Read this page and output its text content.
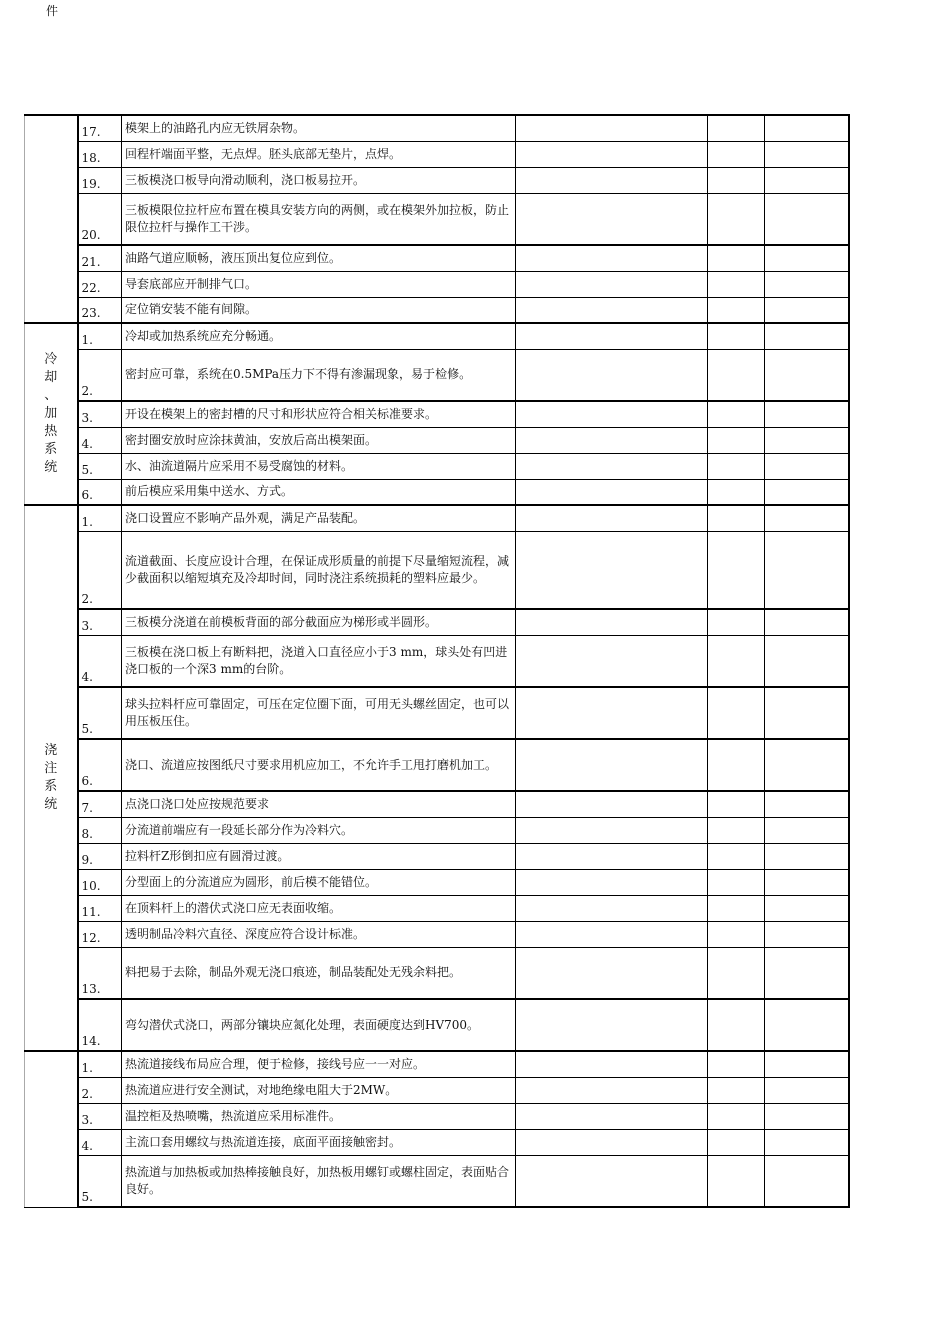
件
	17.	模架上的油路孔内应无铁屑杂物。			
	18.	回程杆端面平整，无点焊。胚头底部无垫片，点焊。			
	19.	三板模浇口板导向滑动顺利，浇口板易拉开。			
	20.	三板模限位拉杆应布置在模具安装方向的两侧，或在模架外加拉板，防止限位拉杆与操作工干涉。			
	21.	油路气道应顺畅，液压顶出复位应到位。			
	22.	导套底部应开制排气口。			
	23.	定位销安装不能有间隙。			
冷却、加热系统	1.	冷却或加热系统应充分畅通。			
	2.	密封应可靠，系统在0.5MPa压力下不得有渗漏现象，易于检修。			
	3.	开设在模架上的密封槽的尺寸和形状应符合相关标准要求。			
	4.	密封圈安放时应涂抹黄油，安放后高出模架面。			
	5.	水、油流道隔片应采用不易受腐蚀的材料。			
	6.	前后模应采用集中送水、方式。			
浇注系统	1.	浇口设置应不影响产品外观，满足产品装配。			
	2.	流道截面、长度应设计合理，在保证成形质量的前提下尽量缩短流程，减少截面积以缩短填充及冷却时间，同时浇注系统损耗的塑料应最少。			
	3.	三板模分浇道在前模板背面的部分截面应为梯形或半圆形。			
	4.	三板模在浇口板上有断料把，浇道入口直径应小于3 mm，球头处有凹进浇口板的一个深3 mm的台阶。			
	5.	球头拉料杆应可靠固定，可压在定位圈下面，可用无头螺丝固定，也可以用压板压住。			
	6.	浇口、流道应按图纸尺寸要求用机应加工，不允许手工甩打磨机加工。			
	7.	点浇口浇口处应按规范要求			
	8.	分流道前端应有一段延长部分作为冷料穴。			
	9.	拉料杆Z形倒扣应有圆滑过渡。			
	10.	分型面上的分流道应为圆形，前后模不能错位。			
	11.	在顶料杆上的潜伏式浇口应无表面收缩。			
	12.	透明制品冷料穴直径、深度应符合设计标准。			
	13.	料把易于去除，制品外观无浇口痕迹，制品装配处无残余料把。			
	14.	弯勾潜伏式浇口，两部分镶块应氮化处理，表面硬度达到HV700。			
	1.	热流道接线布局应合理，便于检修，接线号应一一对应。			
	2.	热流道应进行安全测试，对地绝缘电阻大于2MW。			
	3.	温控柜及热喷嘴，热流道应采用标准件。			
	4.	主流口套用螺纹与热流道连接，底面平面接触密封。			
	5.	热流道与加热板或加热棒接触良好，加热板用螺钉或螺柱固定，表面贴合良好。			
